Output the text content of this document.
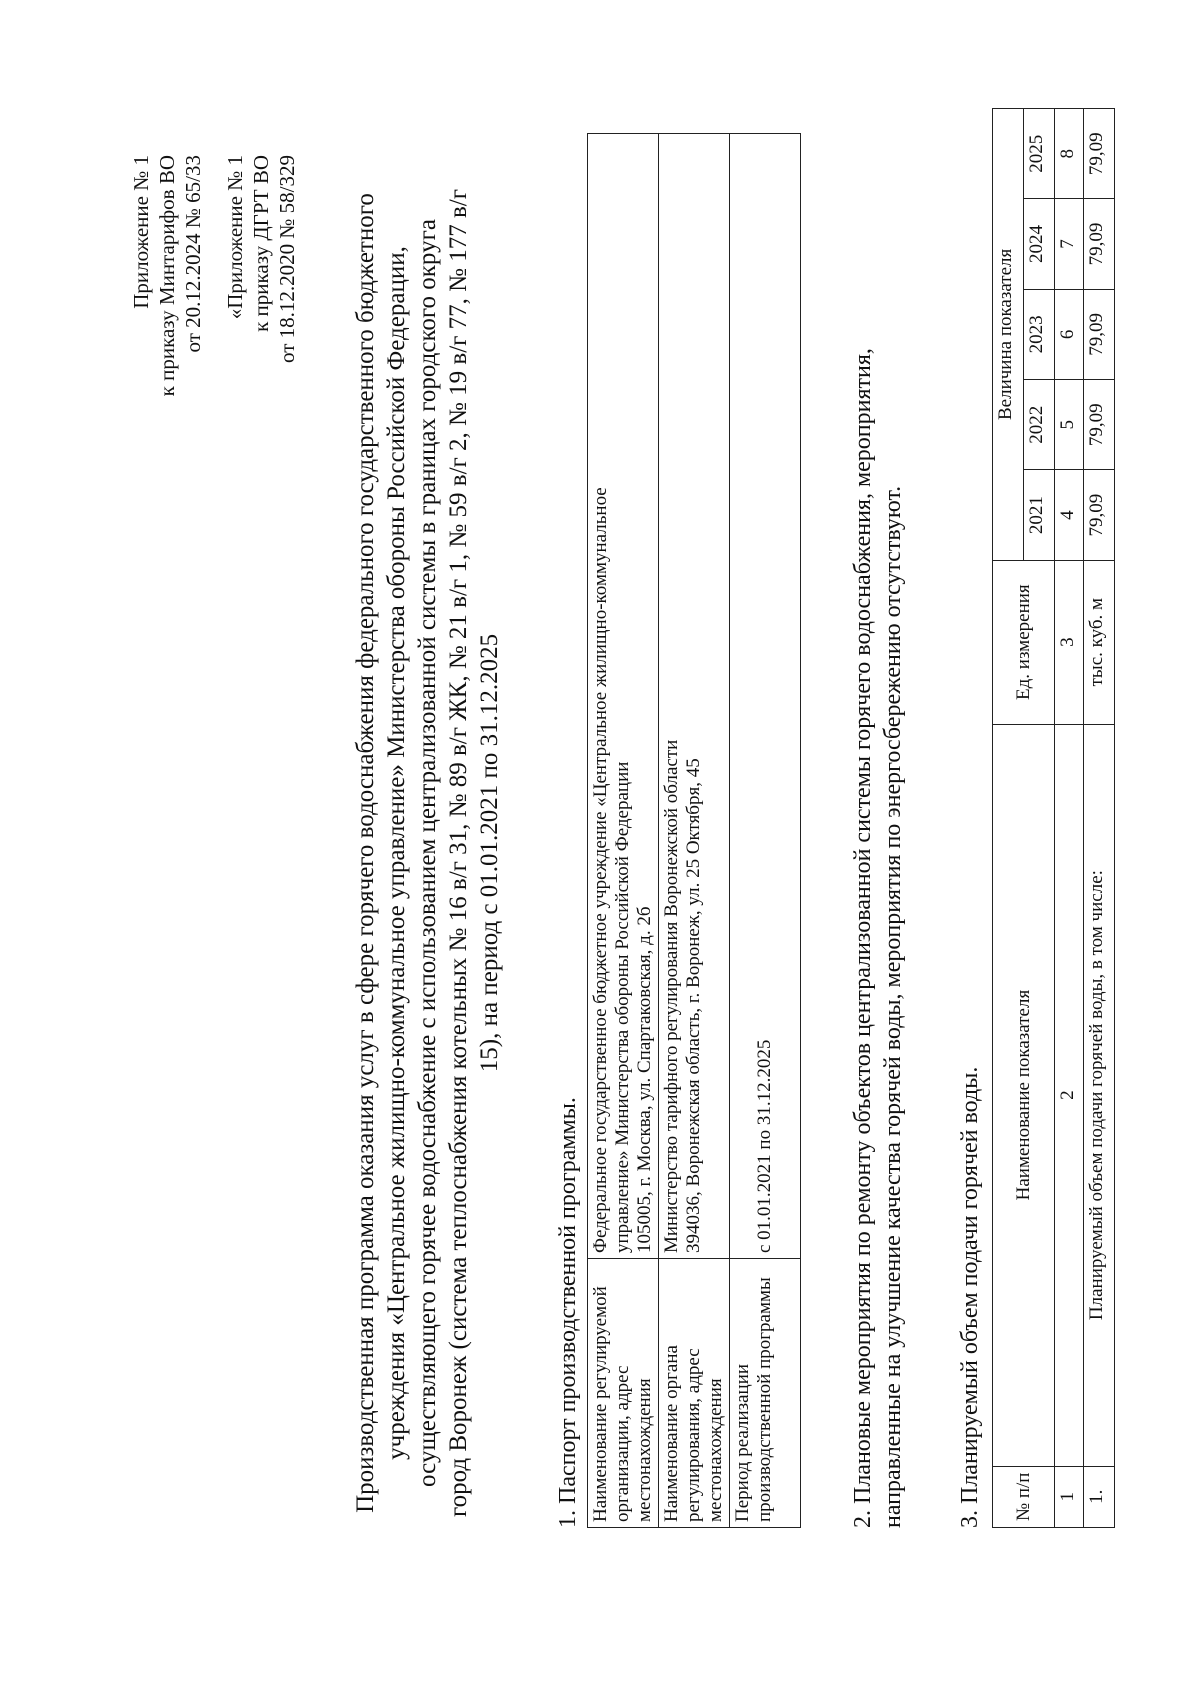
Приложение № 1 к приказу Минтарифов ВО от 20.12.2024 № 65/33 «Приложение № 1 к приказу ДГРТ ВО от 18.12.2020 № 58/329 Производственная программа оказания услуг в сфере горячего водоснабжения федерального государственного бюджетного учреждения «Центральное жилищно-коммунальное управление» Министерства обороны Российской Федерации, осуществляющего горячее водоснабжение с использованием централизованной системы в границах городского округа город Воронеж (система теплоснабжения котельных № 16 в/г 31, № 89 в/г ЖК, № 21 в/г 1, № 59 в/г 2, № 19 в/г 77, № 177 в/г 15), на период с 01.01.2021 по 31.12.2025
1. Паспорт производственной программы. Наименование регулируемой организации, адрес местонахождения	Федеральное государственное бюджетное учреждение «Центральное жилищно-коммунальное управление» Министерства обороны Российской Федерации 105005, г. Москва, ул. Спартаковская, д. 2б

Наименование органа регулирования, адрес местонахождения	Министерство тарифного регулирования Воронежской области 394036, Воронежская область, г. Воронеж, ул. 25 Октября, 45

Период реализации производственной программы	с 01.01.2021 по 31.12.2025	2. Плановые мероприятия по ремонту объектов централизованной системы горячего водоснабжения, мероприятия, направленные на улучшение качества горячей воды, мероприятия по энергосбережению отсутствуют. 3. Планируемый объем подачи горячей воды. № п/п	Наименование показателя	Ед. измерения	Величина показателя				
			2021	2022	2023	2024	2025
1	2	3	4	5	6	7	8
1.	Планируемый объем подачи горячей воды, в том числе:	тыс. куб. м	79,09	79,09	79,09	79,09	79,09
